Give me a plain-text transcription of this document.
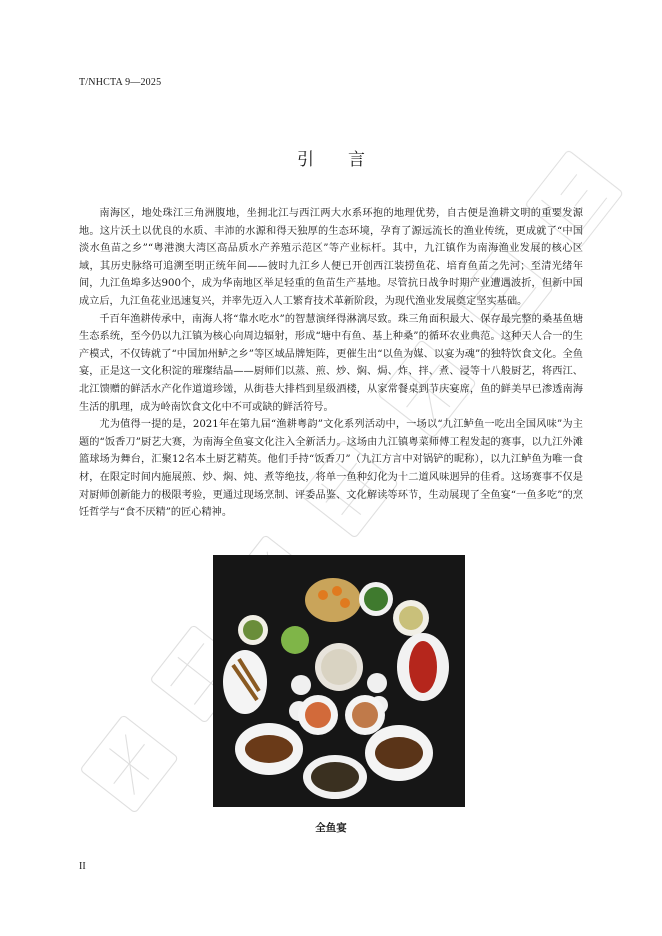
T/NHCTA 9—2025
引　　言

南海区，地处珠江三角洲腹地，坐拥北江与西江两大水系环抱的地理优势，自古便是渔耕文明的重要发源地。这片沃土以优良的水质、丰沛的水源和得天独厚的生态环境，孕育了源远流长的渔业传统，更成就了“中国淡水鱼苗之乡”“粤港澳大湾区高品质水产养殖示范区”等产业标杆。其中，九江镇作为南海渔业发展的核心区域，其历史脉络可追溯至明正统年间——彼时九江乡人便已开创西江装捞鱼花、培育鱼苗之先河；至清光绪年间，九江鱼埠多达900个，成为华南地区举足轻重的鱼苗生产基地。尽管抗日战争时期产业遭遇波折，但新中国成立后，九江鱼花业迅速复兴，并率先迈入人工繁育技术革新阶段，为现代渔业发展奠定坚实基础。

千百年渔耕传承中，南海人将“靠水吃水”的智慧演绎得淋漓尽致。珠三角面积最大、保存最完整的桑基鱼塘生态系统，至今仍以九江镇为核心向周边辐射，形成“塘中有鱼、基上种桑”的循环农业典范。这种天人合一的生产模式，不仅铸就了“中国加州鲈之乡”等区域品牌矩阵，更催生出“以鱼为媒、以宴为魂”的独特饮食文化。全鱼宴，正是这一文化积淀的璀璨结晶——厨师们以蒸、煎、炒、焖、焗、炸、拌、煮、浸等十八般厨艺，将西江、北江馈赠的鲜活水产化作道道珍馐，从街巷大排档到星级酒楼，从家常餐桌到节庆宴席，鱼的鲜美早已渗透南海生活的肌理，成为岭南饮食文化中不可或缺的鲜活符号。

尤为值得一提的是，2021年在第九届“渔耕粤韵”文化系列活动中，一场以“九江鲈鱼一吃出全国风味”为主题的“饭香刀”厨艺大赛，为南海全鱼宴文化注入全新活力。这场由九江镇粤菜师傅工程发起的赛事，以九江外滩篮球场为舞台，汇聚12名本土厨艺精英。他们手持“饭香刀”（九江方言中对锅铲的昵称），以九江鲈鱼为唯一食材，在限定时间内施展煎、炒、焖、炖、煮等绝技，将单一鱼种幻化为十二道风味迥异的佳肴。这场赛事不仅是对厨师创新能力的极限考验，更通过现场烹制、评委品鉴、文化解读等环节，生动展现了全鱼宴“一鱼多吃”的烹饪哲学与“食不厌精”的匠心精神。

全鱼宴
II
